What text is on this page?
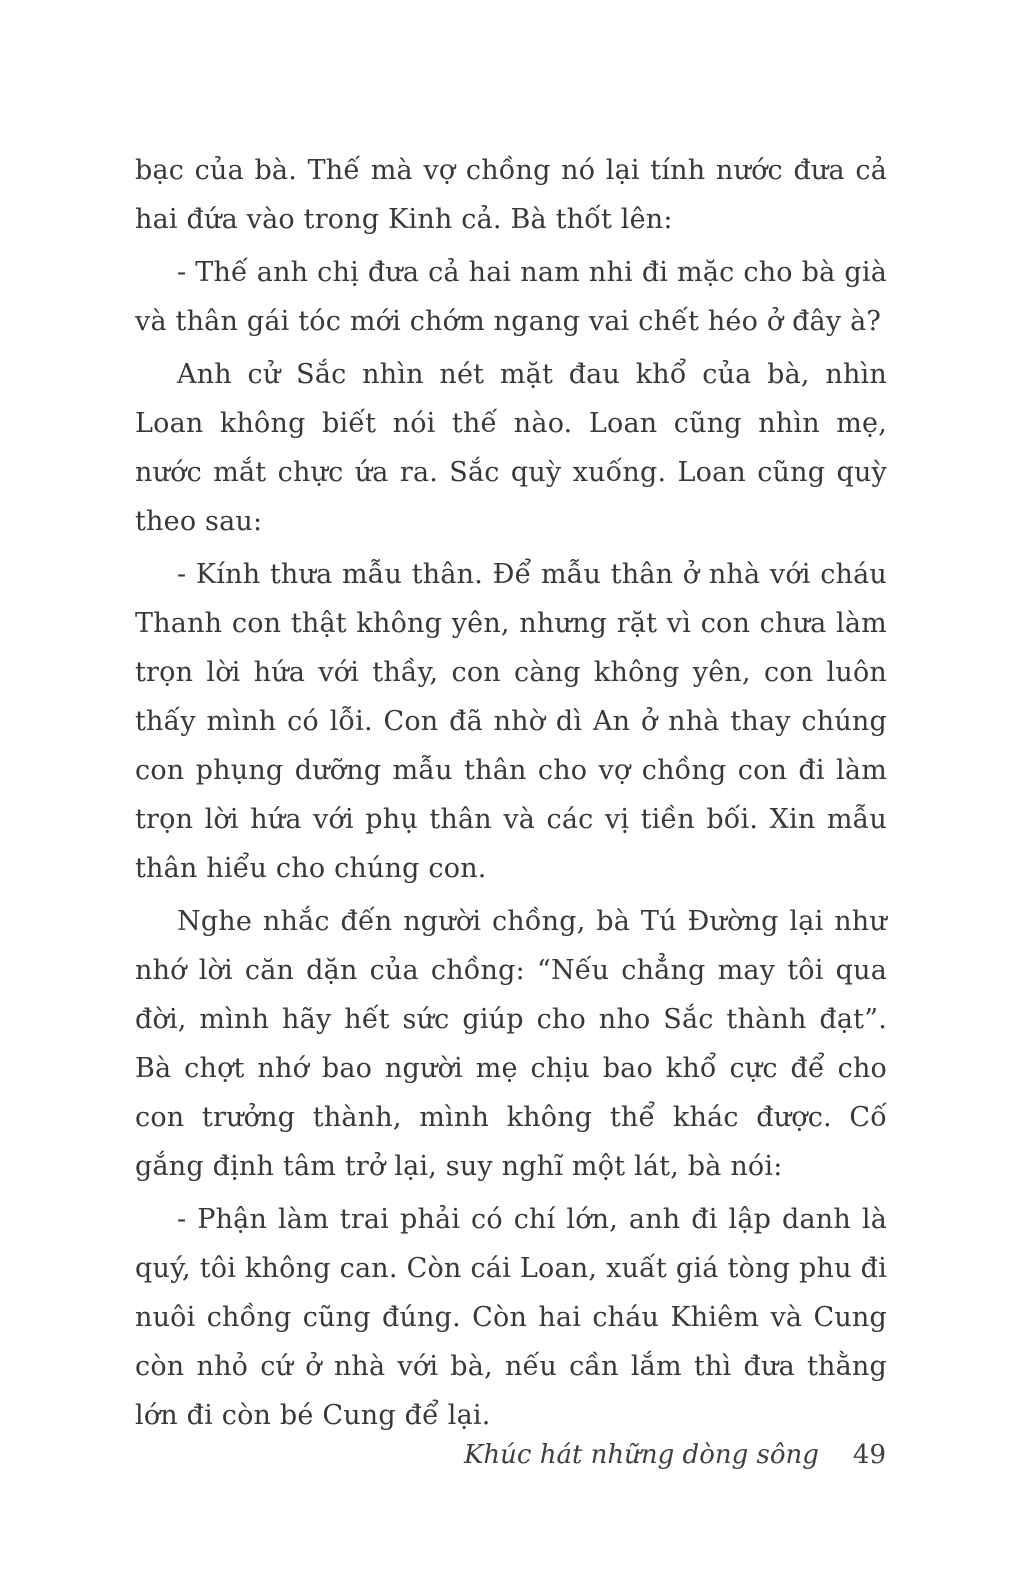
bạc của bà. Thế mà vợ chồng nó lại tính nước đưa cả hai đứa vào trong Kinh cả. Bà thốt lên:

- Thế anh chị đưa cả hai nam nhi đi mặc cho bà già và thân gái tóc mới chớm ngang vai chết héo ở đây à?

Anh cử Sắc nhìn nét mặt đau khổ của bà, nhìn Loan không biết nói thế nào. Loan cũng nhìn mẹ, nước mắt chực ứa ra. Sắc quỳ xuống. Loan cũng quỳ theo sau:

- Kính thưa mẫu thân. Để mẫu thân ở nhà với cháu Thanh con thật không yên, nhưng rặt vì con chưa làm trọn lời hứa với thầy, con càng không yên, con luôn thấy mình có lỗi. Con đã nhờ dì An ở nhà thay chúng con phụng dưỡng mẫu thân cho vợ chồng con đi làm trọn lời hứa với phụ thân và các vị tiền bối. Xin mẫu thân hiểu cho chúng con.

Nghe nhắc đến người chồng, bà Tú Đường lại như nhớ lời căn dặn của chồng: “Nếu chẳng may tôi qua đời, mình hãy hết sức giúp cho nho Sắc thành đạt”. Bà chợt nhớ bao người mẹ chịu bao khổ cực để cho con trưởng thành, mình không thể khác được. Cố gắng định tâm trở lại, suy nghĩ một lát, bà nói:

- Phận làm trai phải có chí lớn, anh đi lập danh là quý, tôi không can. Còn cái Loan, xuất giá tòng phu đi nuôi chồng cũng đúng. Còn hai cháu Khiêm và Cung còn nhỏ cứ ở nhà với bà, nếu cần lắm thì đưa thằng lớn đi còn bé Cung để lại.

Khúc hát những dòng sông 49
